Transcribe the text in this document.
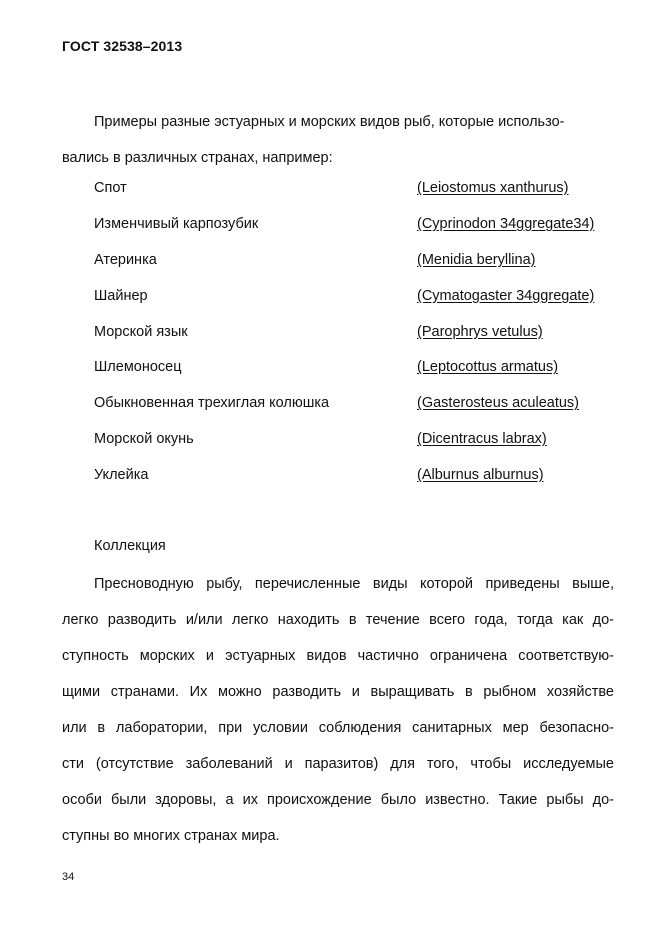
ГОСТ 32538–2013
Примеры разные эстуарных и морских видов рыб, которые использо-
вались в различных странах, например:
Спот	(Leiostomus xanthurus)
Изменчивый карпозубик	(Cyprinodon 34ggregate34)
Атеринка	(Menidia beryllina)
Шайнер	(Cymatogaster 34ggregate)
Морской язык	(Parophrys vetulus)
Шлемоносец	(Leptocottus armatus)
Обыкновенная трехиглая колюшка	(Gasterosteus aculeatus)
Морской окунь	(Dicentracus labrax)
Уклейка	(Alburnus alburnus)
Коллекция
Пресноводную рыбу, перечисленные виды которой приведены выше,
легко разводить и/или легко находить в течение всего года, тогда как до-
ступность морских и эстуарных видов частично ограничена соответствую-
щими странами. Их можно разводить и выращивать в рыбном хозяйстве
или в лаборатории, при условии соблюдения санитарных мер безопасно-
сти (отсутствие заболеваний и паразитов) для того, чтобы исследуемые
особи были здоровы, а их происхождение было известно. Такие рыбы до-
ступны во многих странах мира.
34
